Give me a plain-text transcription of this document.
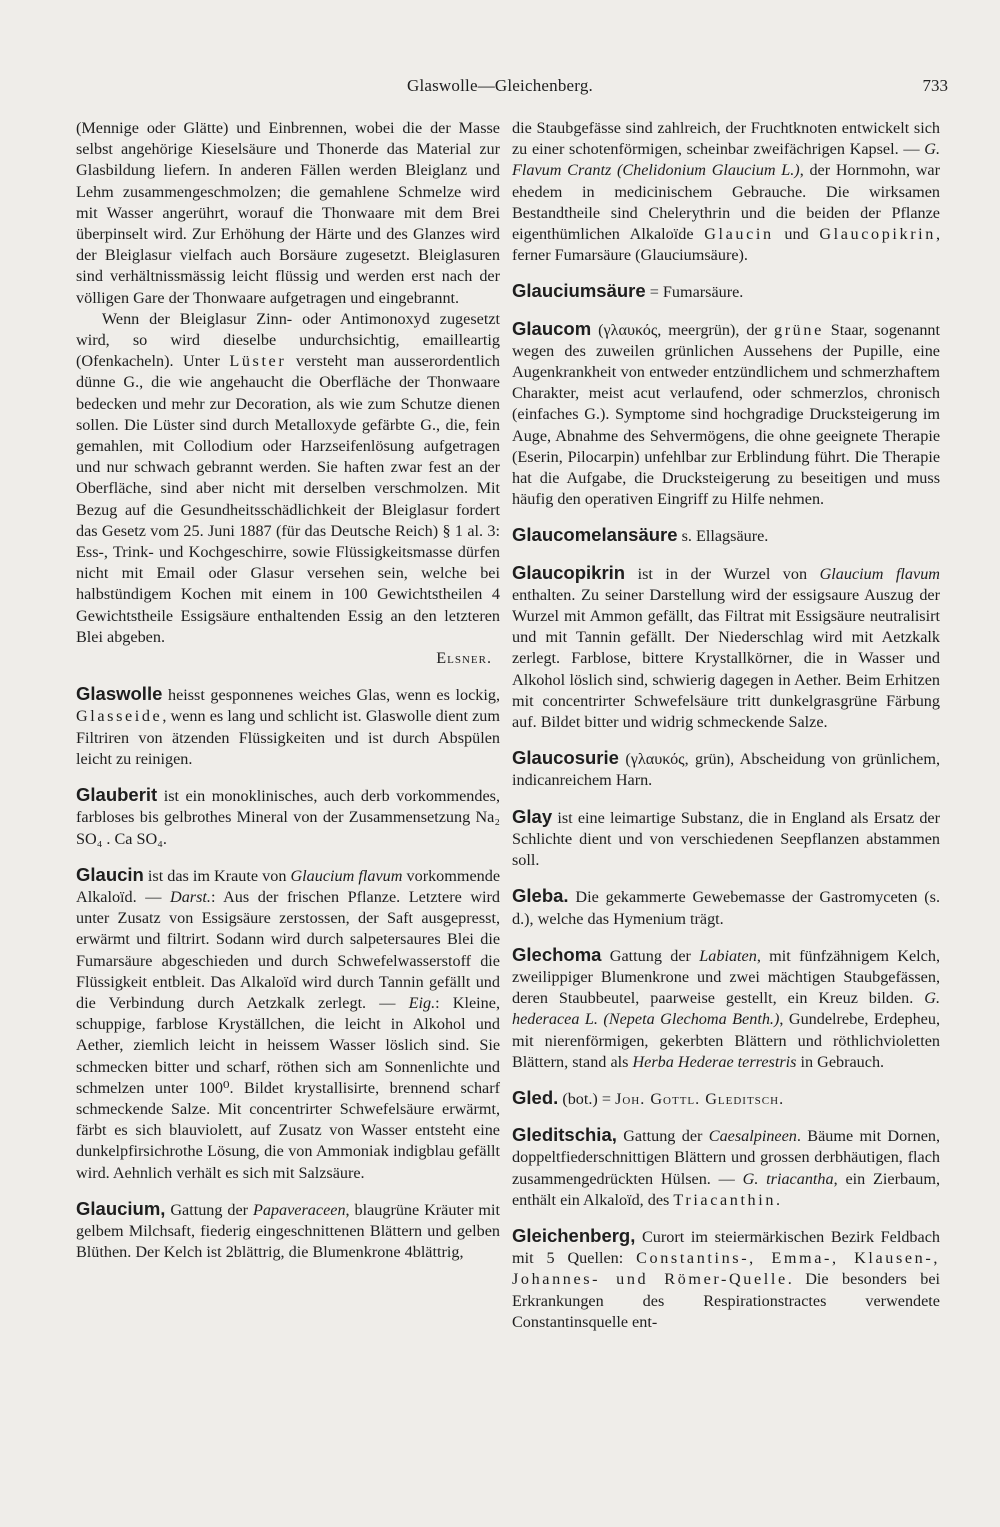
Glaswolle—Gleichenberg.	733

(Mennige oder Glätte) und Einbrennen, wobei die der Masse selbst angehörige Kieselsäure und Thonerde das Material zur Glasbildung liefern. In anderen Fällen werden Bleiglanz und Lehm zusammengeschmolzen; die gemahlene Schmelze wird mit Wasser angerührt, worauf die Thonwaare mit dem Brei überpinselt wird. Zur Erhöhung der Härte und des Glanzes wird der Bleiglasur vielfach auch Borsäure zugesetzt. Bleiglasuren sind verhältnissmässig leicht flüssig und werden erst nach der völligen Gare der Thonwaare aufgetragen und eingebrannt.

Wenn der Bleiglasur Zinn- oder Antimonoxyd zugesetzt wird, so wird dieselbe undurchsichtig, emailleartig (Ofenkacheln). Unter Lüster versteht man ausserordentlich dünne G., die wie angehaucht die Oberfläche der Thonwaare bedecken und mehr zur Decoration, als wie zum Schutze dienen sollen. Die Lüster sind durch Metalloxyde gefärbte G., die, fein gemahlen, mit Collodium oder Harzseifenlösung aufgetragen und nur schwach gebrannt werden. Sie haften zwar fest an der Oberfläche, sind aber nicht mit derselben verschmolzen. Mit Bezug auf die Gesundheitsschädlichkeit der Bleiglasur fordert das Gesetz vom 25. Juni 1887 (für das Deutsche Reich) § 1 al. 3: Ess-, Trink- und Kochgeschirre, sowie Flüssigkeitsmasse dürfen nicht mit Email oder Glasur versehen sein, welche bei halbstündigem Kochen mit einem in 100 Gewichtstheilen 4 Gewichtstheile Essigsäure enthaltenden Essig an den letzteren Blei abgeben.

Elsner.

Glaswolle heisst gesponnenes weiches Glas, wenn es lockig, Glasseide, wenn es lang und schlicht ist. Glaswolle dient zum Filtriren von ätzenden Flüssigkeiten und ist durch Abspülen leicht zu reinigen.

Glauberit ist ein monoklinisches, auch derb vorkommendes, farbloses bis gelbrothes Mineral von der Zusammensetzung Na₂ SO₄ . Ca SO₄.

Glaucin ist das im Kraute von Glaucium flavum vorkommende Alkaloïd. — Darst.: Aus der frischen Pflanze. Letztere wird unter Zusatz von Essigsäure zerstossen, der Saft ausgepresst, erwärmt und filtrirt. Sodann wird durch salpetersaures Blei die Fumarsäure abgeschieden und durch Schwefelwasserstoff die Flüssigkeit entbleit. Das Alkaloïd wird durch Tannin gefällt und die Verbindung durch Aetzkalk zerlegt. — Eig.: Kleine, schuppige, farblose Kryställchen, die leicht in Alkohol und Aether, ziemlich leicht in heissem Wasser löslich sind. Sie schmecken bitter und scharf, röthen sich am Sonnenlichte und schmelzen unter 100⁰. Bildet krystallisirte, brennend scharf schmeckende Salze. Mit concentrirter Schwefelsäure erwärmt, färbt es sich blauviolett, auf Zusatz von Wasser entsteht eine dunkelpfirsichrothe Lösung, die von Ammoniak indigblau gefällt wird. Aehnlich verhält es sich mit Salzsäure.

Glaucium, Gattung der Papaveraceen, blaugrüne Kräuter mit gelbem Milchsaft, fiederig eingeschnittenen Blättern und gelben Blüthen. Der Kelch ist 2blättrig, die Blumenkrone 4blättrig,

die Staubgefässe sind zahlreich, der Fruchtknoten entwickelt sich zu einer schotenförmigen, scheinbar zweifächrigen Kapsel. — G. Flavum Crantz (Chelidonium Glaucium L.), der Hornmohn, war ehedem in medicinischem Gebrauche. Die wirksamen Bestandtheile sind Chelerythrin und die beiden der Pflanze eigenthümlichen Alkaloïde Glaucin und Glaucopikrin, ferner Fumarsäure (Glauciumsäure).

Glauciumsäure = Fumarsäure.

Glaucom (γλαυκός, meergrün), der grüne Staar, sogenannt wegen des zuweilen grünlichen Aussehens der Pupille, eine Augenkrankheit von entweder entzündlichem und schmerzhaftem Charakter, meist acut verlaufend, oder schmerzlos, chronisch (einfaches G.). Symptome sind hochgradige Drucksteigerung im Auge, Abnahme des Sehvermögens, die ohne geeignete Therapie (Eserin, Pilocarpin) unfehlbar zur Erblindung führt. Die Therapie hat die Aufgabe, die Drucksteigerung zu beseitigen und muss häufig den operativen Eingriff zu Hilfe nehmen.

Glaucomelansäure s. Ellagsäure.

Glaucopikrin ist in der Wurzel von Glaucium flavum enthalten. Zu seiner Darstellung wird der essigsaure Auszug der Wurzel mit Ammon gefällt, das Filtrat mit Essigsäure neutralisirt und mit Tannin gefällt. Der Niederschlag wird mit Aetzkalk zerlegt. Farblose, bittere Krystallkörner, die in Wasser und Alkohol löslich sind, schwierig dagegen in Aether. Beim Erhitzen mit concentrirter Schwefelsäure tritt dunkelgrasgrüne Färbung auf. Bildet bitter und widrig schmeckende Salze.

Glaucosurie (γλαυκός, grün), Abscheidung von grünlichem, indicanreichem Harn.

Glay ist eine leimartige Substanz, die in England als Ersatz der Schlichte dient und von verschiedenen Seepflanzen abstammen soll.

Gleba. Die gekammerte Gewebemasse der Gastromyceten (s. d.), welche das Hymenium trägt.

Glechoma Gattung der Labiaten, mit fünfzähnigem Kelch, zweilippiger Blumenkrone und zwei mächtigen Staubgefässen, deren Staubbeutel, paarweise gestellt, ein Kreuz bilden. G. hederacea L. (Nepeta Glechoma Benth.), Gundelrebe, Erdepheu, mit nierenförmigen, gekerbten Blättern und röthlichvioletten Blättern, stand als Herba Hederae terrestris in Gebrauch.

Gled. (bot.) = Joh. Gottl. Gleditsch.

Gleditschia, Gattung der Caesalpineen. Bäume mit Dornen, doppeltfiederschnittigen Blättern und grossen derbhäutigen, flach zusammengedrückten Hülsen. — G. triacantha, ein Zierbaum, enthält ein Alkaloïd, des Triacanthin.

Gleichenberg, Curort im steiermärkischen Bezirk Feldbach mit 5 Quellen: Constantins-, Emma-, Klausen-, Johannes- und Römer-Quelle. Die besonders bei Erkrankungen des Respirationstractes verwendete Constantinsquelle ent-
